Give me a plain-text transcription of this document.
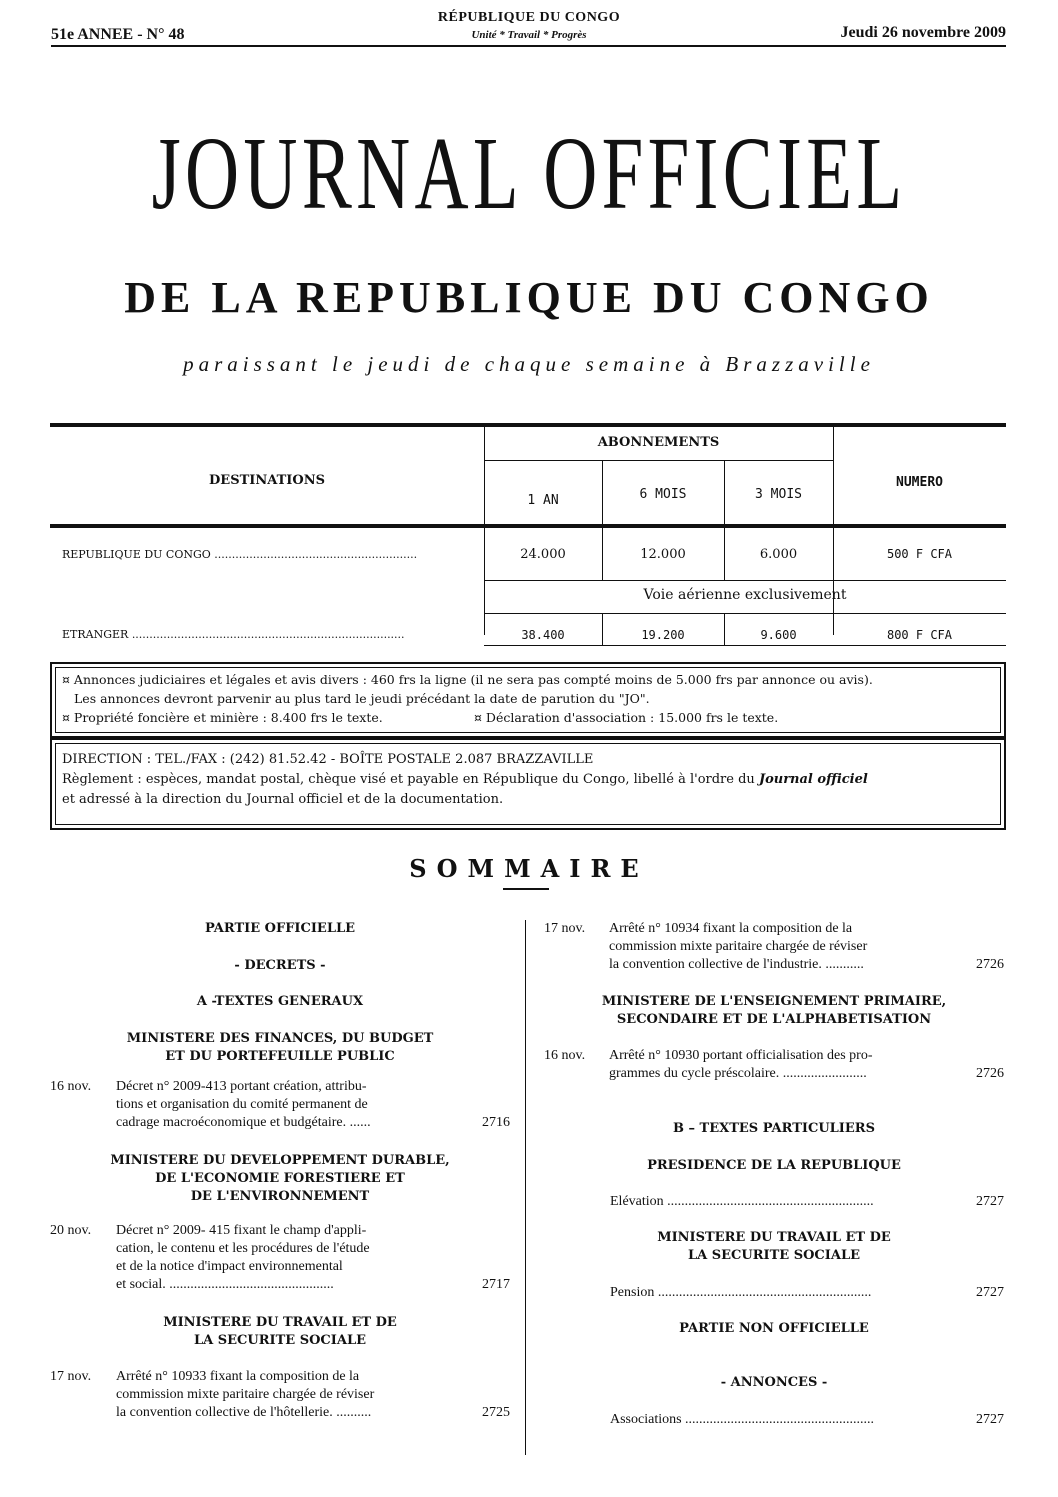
51e ANNEE - N° 48
RÉPUBLIQUE DU CONGO
Unité * Travail * Progrès	Jeudi 26 novembre 2009
JOURNAL OFFICIEL
DE LA REPUBLIQUE DU CONGO
paraissant le jeudi de chaque semaine à Brazzaville
DESTINATIONS
ABONNEMENTS
NUMERO
1 AN	6 MOIS	3 MOIS
REPUBLIQUE DU CONGO ..........................................................	24.000	12.000	6.000	500 F CFA
Voie aérienne exclusivement
ETRANGER ..............................................................................	38.400	19.200	9.600	800 F CFA
¤ Annonces judiciaires et légales et avis divers : 460 frs la ligne (il ne sera pas compté moins de 5.000 frs par annonce ou avis).
Les annonces devront parvenir au plus tard le jeudi précédant la date de parution du "JO".
¤ Propriété foncière et minière : 8.400 frs le texte.	¤ Déclaration d'association : 15.000 frs le texte.
DIRECTION : TEL./FAX : (242) 81.52.42 - BOÎTE POSTALE 2.087 BRAZZAVILLE
Règlement : espèces, mandat postal, chèque visé et payable en République du Congo, libellé à l'ordre du Journal officiel
et adressé à la direction du Journal officiel et de la documentation.
SOMMAIRE
PARTIE OFFICIELLE
- DECRETS -
A -TEXTES GENERAUX
MINISTERE DES FINANCES, DU BUDGET
ET DU PORTEFEUILLE PUBLIC
16 nov. Décret n° 2009-413 portant création, attribu-
tions et organisation du comité permanent de
cadrage macroéconomique et budgétaire. ......	2716
MINISTERE DU DEVELOPPEMENT DURABLE,
DE L'ECONOMIE FORESTIERE ET
DE L'ENVIRONNEMENT
20 nov. Décret n° 2009- 415 fixant le champ d'appli-
cation, le contenu et les procédures de l'étude
et de la notice d'impact environnemental
et social. ...............................................	2717
MINISTERE DU TRAVAIL ET DE
LA SECURITE SOCIALE
17 nov. Arrêté n° 10933 fixant la composition de la
commission mixte paritaire chargée de réviser
la convention collective de l'hôtellerie. ..........	2725
17 nov. Arrêté n° 10934 fixant la composition de la
commission mixte paritaire chargée de réviser
la convention collective de l'industrie. ...........	2726
MINISTERE DE L'ENSEIGNEMENT PRIMAIRE,
SECONDAIRE ET DE L'ALPHABETISATION
16 nov. Arrêté n° 10930 portant officialisation des pro-
grammes du cycle préscolaire. ........................	2726
B – TEXTES PARTICULIERS
PRESIDENCE DE LA REPUBLIQUE
Elévation ...........................................................	2727
MINISTERE DU TRAVAIL ET DE
LA SECURITE SOCIALE
Pension .............................................................	2727
PARTIE NON OFFICIELLE
- ANNONCES -
Associations ......................................................	2727
